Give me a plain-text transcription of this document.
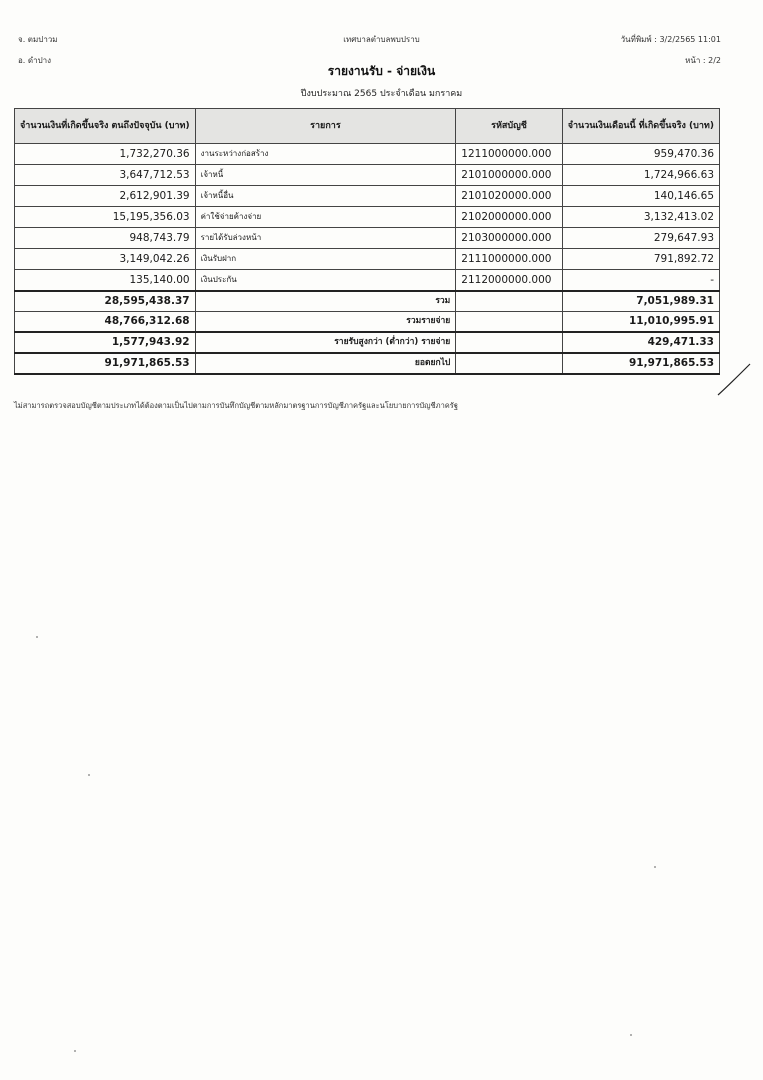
จ. ตมปาวม
อ. ดำปาง
เทศบาลตำบลพบปราบ	วันที่พิมพ์ : 3/2/2565 11:01
หน้า : 2/2
รายงานรับ - จ่ายเงิน
ปีงบประมาณ 2565 ประจำเดือน มกราคม
จำนวนเงินที่เกิดขึ้นจริง ตนถึงปัจจุบัน (บาท)	รายการ	รหัสบัญชี	จำนวนเงินเดือนนี้ ที่เกิดขึ้นจริง (บาท)
1,732,270.36	งานระหว่างก่อสร้าง	1211000000.000	959,470.36
3,647,712.53	เจ้าหนี้	2101000000.000	1,724,966.63
2,612,901.39	เจ้าหนี้อื่น	2101020000.000	140,146.65
15,195,356.03	ค่าใช้จ่ายค้างจ่าย	2102000000.000	3,132,413.02
948,743.79	รายได้รับล่วงหน้า	2103000000.000	279,647.93
3,149,042.26	เงินรับฝาก	2111000000.000	791,892.72
135,140.00	เงินประกัน	2112000000.000	-
28,595,438.37	รวม		7,051,989.31
48,766,312.68	รวมรายจ่าย		11,010,995.91
1,577,943.92	รายรับสูงกว่า (ต่ำกว่า) รายจ่าย		429,471.33
91,971,865.53	ยอดยกไป		91,971,865.53
ไม่สามารถตรวจสอบบัญชีตามประเภทได้ต้องตามเป็นไปตามการบันทึกบัญชีตามหลักมาตรฐานการบัญชีภาครัฐและนโยบายการบัญชีภาครัฐ
